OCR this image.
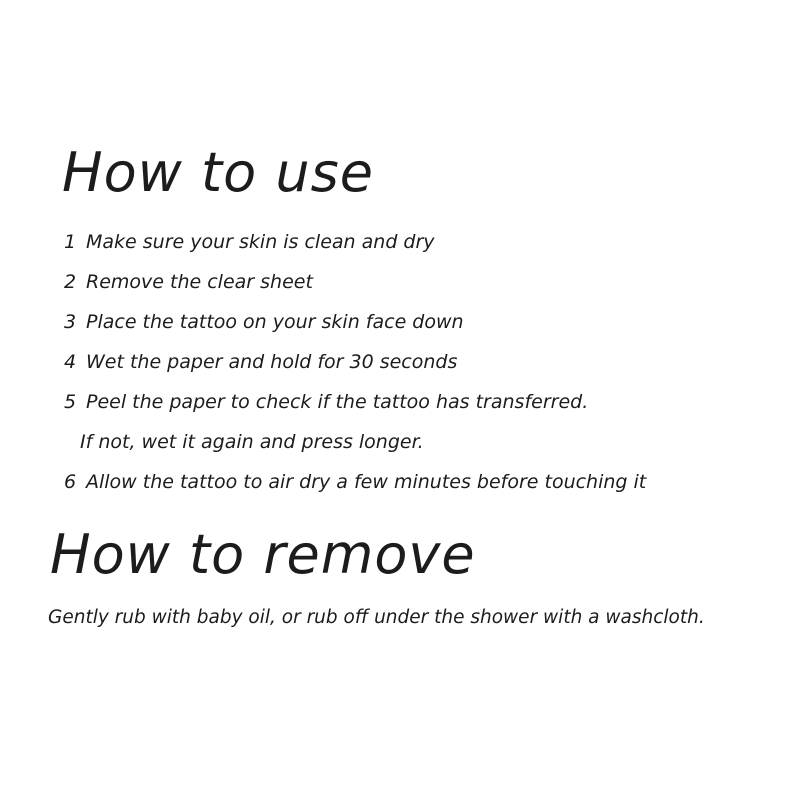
How to use
1 Make sure your skin is clean and dry
2 Remove the clear sheet
3 Place the tattoo on your skin face down
4 Wet the paper and hold for 30 seconds
5 Peel the paper to check if the tattoo has transferred.
If not, wet it again and press longer.
6 Allow the tattoo to air dry a few minutes before touching it
How to remove

Gently rub with baby oil, or rub off under the shower with a washcloth.
